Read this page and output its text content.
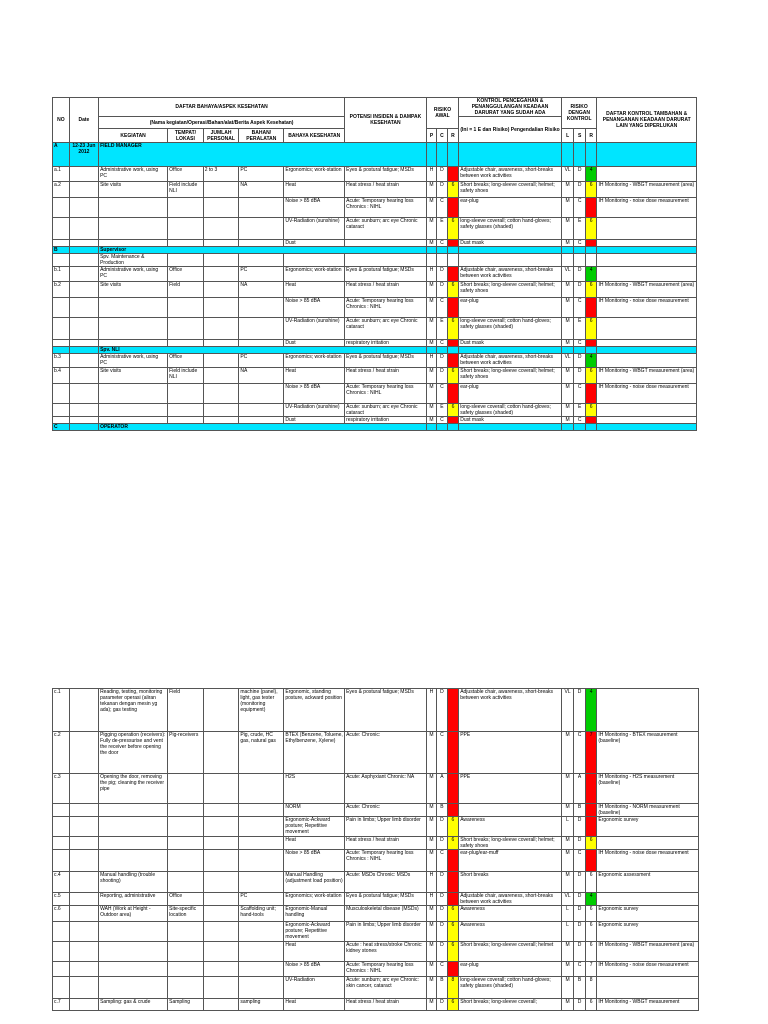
NO	Date	DAFTAR BAHAYA/ASPEK KESEHATAN					POTENSI INSIDEN & DAMPAK KESEHATAN	RISIKO AWAL			KONTROL PENCEGAHAN & PENANGGULANGAN KEADAAN DARURAT YANG SUDAH ADA	RISIKO DENGAN KONTROL			DAFTAR KONTROL TAMBAHAN & PENANGANAN KEADAAN DARURAT LAIN YANG DIPERLUKAN
		(Nama kegiatan/Operasi/Bahan/alat/Berita Aspek Kesehatan)									(Ini = 1 E dan Risiko) Pengendalian Risiko				
		KEGIATAN	TEMPAT/ LOKASI	JUMLAH PERSONAL	BAHAN/ PERALATAN	BAHAYA KESEHATAN		P	C	R		L	S	R	
A	12-23 Jun 2012	FIELD MANAGER													
a.1		Administrative work, using PC	Office	2 to 3	PC	Ergonomics; work-station	Eyes & postural fatigue; MSDs	H	D		Adjustable chair, awareness, short-breaks between work activities	VL	D	4	
a.2		Site visits	Field include NLI		NA	Heat	Heat stress / heat strain	M	D	6	Short breaks; long-sleeve coverall; helmet; safety shoes	M	D	6	IH Monitoring - WBGT measurement (area)
						Noise > 85 dBA	Acute: Temporary hearing loss Chronics : NIHL	M	C		ear-plug	M	C		IH Monitoring - noise dose measurement
						UV-Radiation (sunshine)	Acute: sunburn; arc eye Chronic cataract	M	E	6	long-sleeve coverall; cotton hand-gloves; safety glasses (shaded)	M	E	6	
						Dust		M	C		Dust mask	M	C		
B		Supervisor													
		Spv. Maintenance & Production													
b.1		Administrative work, using PC	Office		PC	Ergonomics; work-station	Eyes & postural fatigue; MSDs	H	D		Adjustable chair, awareness, short-breaks between work activities	VL	D	4	
b.2		Site visits	Field		NA	Heat	Heat stress / heat strain	M	D	6	Short breaks; long-sleeve coverall; helmet; safety shoes	M	D	6	IH Monitoring - WBGT measurement (area)
						Noise > 85 dBA	Acute: Temporary hearing loss Chronics : NIHL	M	C		ear-plug	M	C		IH Monitoring - noise dose measurement
						UV-Radiation (sunshine)	Acute: sunburn; arc eye Chronic cataract	M	E	6	long-sleeve coverall; cotton hand-gloves; safety glasses (shaded)	M	E	6	
						Dust	respiratory irritation	M	C		Dust mask	M	C		
		Spv. NLI													
b.3		Administrative work, using PC	Office		PC	Ergonomics; work-station	Eyes & postural fatigue; MSDs	H	D		Adjustable chair, awareness, short-breaks between work activities	VL	D	4	
b.4		Site visits	Field include NLI		NA	Heat	Heat stress / heat strain	M	D	6	Short breaks; long-sleeve coverall; helmet; safety shoes	M	D	6	IH Monitoring - WBGT measurement (area)
						Noise > 85 dBA	Acute: Temporary hearing loss Chronics : NIHL	M	C		ear-plug	M	C		IH Monitoring - noise dose measurement
						UV-Radiation (sunshine)	Acute: sunburn; arc eye Chronic cataract	M	E	6	long-sleeve coverall; cotton hand-gloves; safety glasses (shaded)	M	E	6	
						Dust	respiratory irritation	M	C		Dust mask	M	C		
C		OPERATOR													
c.1		Reading, testing, monitoring parameter operasi (aliran tekanan dengan mesin yg ada); gas testing	Field		machine (panel), light, gas tester (monitoring equipment)	Ergonomic, standing posture, ackward position	Eyes & postural fatigue; MSDs	H	D		Adjustable chair, awareness, short-breaks between work activities	VL	D	4	
c.2		Pigging operation (receivers): Fully de-pressurise and vent the receiver before opening the door	Pig-receivers		Pig, crude, HC gas, natural gas	BTEX (Benzene, Toluene, Ethylbenzene, Xylene)	Acute: Chronic:	M	C		PPE	M	C	7	IH Monitoring - BTEX measurement (baseline)
c.3		Opening the door, removing the pig; cleaning the receiver pipe				H2S	Acute: Asphyxiant Chronic: NA	M	A		PPE	M	A		IH Monitoring - H2S measurement (baseline)
						NORM	Acute: Chronic:	M	B			M	B		IH Monitoring - NORM measurement (baseline)
						Ergonomic-Ackward posture; Repetitive movement	Pain in limbs; Upper limb disorder	M	D	6	Awareness	L	D		Ergonomic survey
						Heat	Heat stress / heat strain	M	D	6	Short breaks; long-sleeve coverall; helmet; safety shoes	M	D	6	
						Noise > 85 dBA	Acute: Temporary hearing loss Chronics : NIHL	M	C		ear-plug/ear-muff	M	C		IH Monitoring - noise dose measurement
c.4		Manual handling (trouble shooting)				Manual Handling (adjustment load position)	Acute: MSDs Chronic: MSDs	H	D		Short breaks	M	D	6	Ergonomic assessment
c.5		Reporting, administrative	Office		PC	Ergonomics; work-station	Eyes & postural fatigue; MSDs	H	D		Adjustable chair, awareness, short-breaks between work activities	VL	D	4	
c.6		WAH (Work at Height - Outdoor area)	Site-specific location		Scaffolding unit; hand-tools	Ergonomic-Manual handling	Musculoskeletal disease (MSDs)	M	D	6	Awareness	L	D	6	Ergonomic survey
						Ergonomic-Ackward posture; Repetitive movement	Pain in limbs; Upper limb disorder	M	D	6	Awareness	L	D	6	Ergonomic survey
						Heat	Acute : heat stress/stroke Chronic: kidney stones	M	D	6	Short breaks; long-sleeve coverall; helmet	M	D	6	IH Monitoring - WBGT measurement (area)
						Noise > 85 dBA	Acute: Temporary hearing loss Chronics : NIHL	M	C		ear-plug	M	C	7	IH Monitoring - noise dose measurement
						UV-Radiation	Acute: sunburn; arc eye Chronic: skin cancer, cataract	M	B	8	long-sleeve coverall; cotton hand-gloves; safety glasses (shaded)	M	B	8	
c.7		Sampling: gas & crude	Sampling		sampling	Heat	Heat stress / heat strain	M	D	6	Short breaks; long-sleeve coverall;	M	D	6	IH Monitoring - WBGT measurement
